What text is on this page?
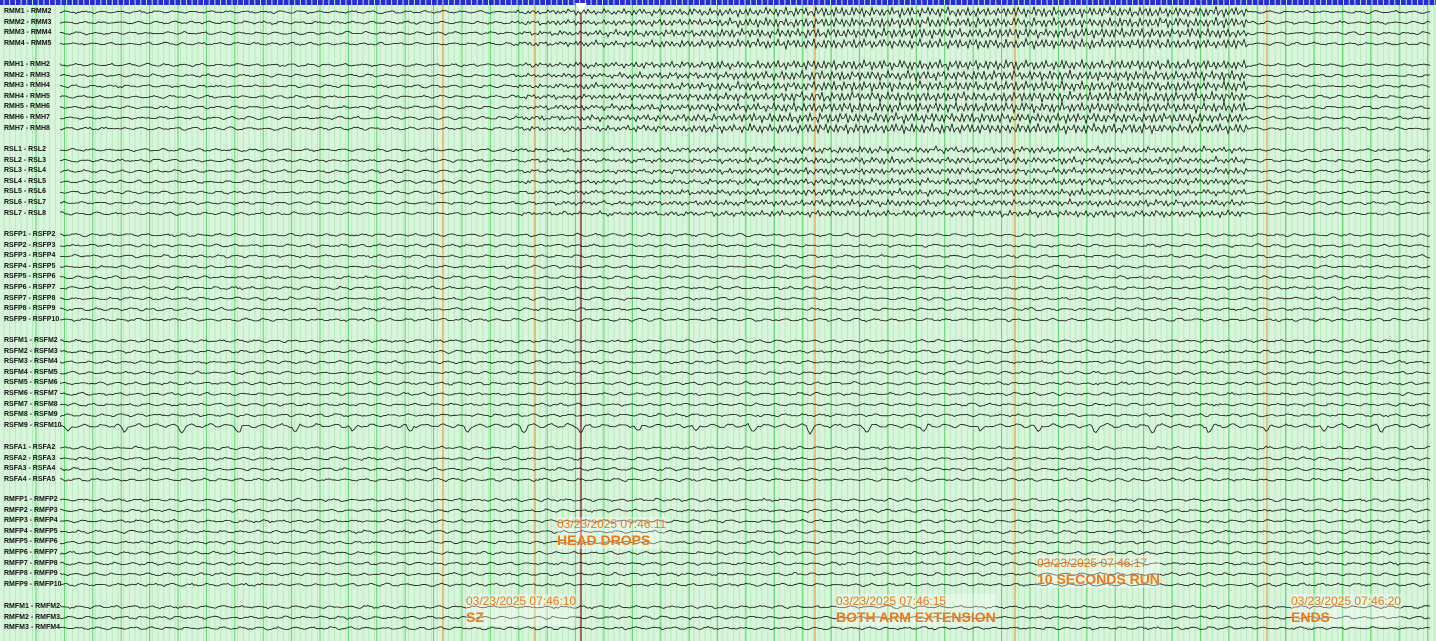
RMM1 - RMM2
RMM2 - RMM3
RMM3 - RMM4
RMM4 - RMM5
RMH1 - RMH2
RMH2 - RMH3
RMH3 - RMH4
RMH4 - RMH5
RMH5 - RMH6
RMH6 - RMH7
RMH7 - RMH8
RSL1 - RSL2
RSL2 - RSL3
RSL3 - RSL4
RSL4 - RSL5
RSL5 - RSL6
RSL6 - RSL7
RSL7 - RSL8
RSFP1 - RSFP2
RSFP2 - RSFP3
RSFP3 - RSFP4
RSFP4 - RSFP5
RSFP5 - RSFP6
RSFP6 - RSFP7
RSFP7 - RSFP8
RSFP8 - RSFP9
RSFP9 - RSFP10
RSFM1 - RSFM2
RSFM2 - RSFM3
RSFM3 - RSFM4
RSFM4 - RSFM5
RSFM5 - RSFM6
RSFM6 - RSFM7
RSFM7 - RSFM8
RSFM8 - RSFM9
RSFM9 - RSFM10
RSFA1 - RSFA2
RSFA2 - RSFA3
RSFA3 - RSFA4
RSFA4 - RSFA5
RMFP1 - RMFP2
RMFP2 - RMFP3
RMFP3 - RMFP4
RMFP4 - RMFP5
RMFP5 - RMFP6
RMFP6 - RMFP7
RMFP7 - RMFP8
RMFP8 - RMFP9
RMFP9 - RMFP10
RMFM1 - RMFM2
RMFM2 - RMFM3
RMFM3 - RMFM4
03/23/2025 07:46:10
SZ
03/23/2025 07:46:11
HEAD DROPS
03/23/2025 07:46:15
BOTH ARM EXTENSION
03/23/2025 07:46:17
10 SECONDS RUN
03/23/2025 07:46:20
ENDS
